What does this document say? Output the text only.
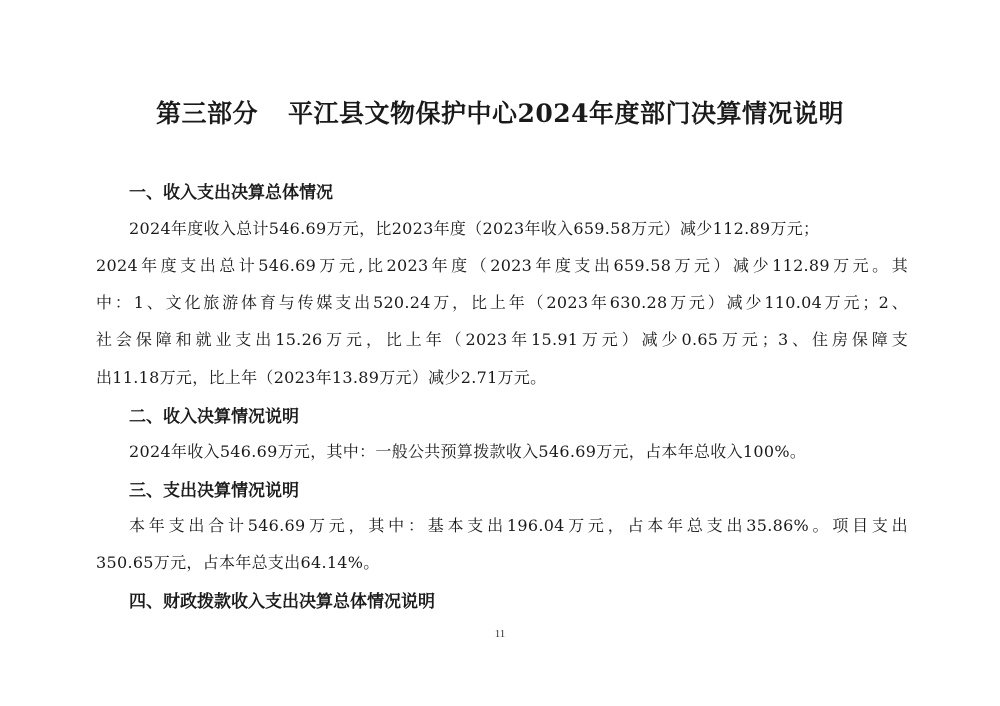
第三部分 平江县文物保护中心2024年度部门决算情况说明
一、收入支出决算总体情况
2024年度收入总计546.69万元，比2023年度（2023年收入659.58万元）减少112.89万元；
2024年度支出总计546.69万元,比2023年度（2023年度支出659.58万元）减少112.89万元。其
中：1、文化旅游体育与传媒支出520.24万，比上年（2023年630.28万元）减少110.04万元；2、
社会保障和就业支出15.26万元，比上年（2023年15.91万元）减少0.65万元；3、住房保障支
出11.18万元，比上年（2023年13.89万元）减少2.71万元。
二、收入决算情况说明
2024年收入546.69万元，其中：一般公共预算拨款收入546.69万元，占本年总收入100%。
三、支出决算情况说明
本年支出合计546.69万元，其中：基本支出196.04万元，占本年总支出35.86%。项目支出
350.65万元，占本年总支出64.14%。
四、财政拨款收入支出决算总体情况说明
11
